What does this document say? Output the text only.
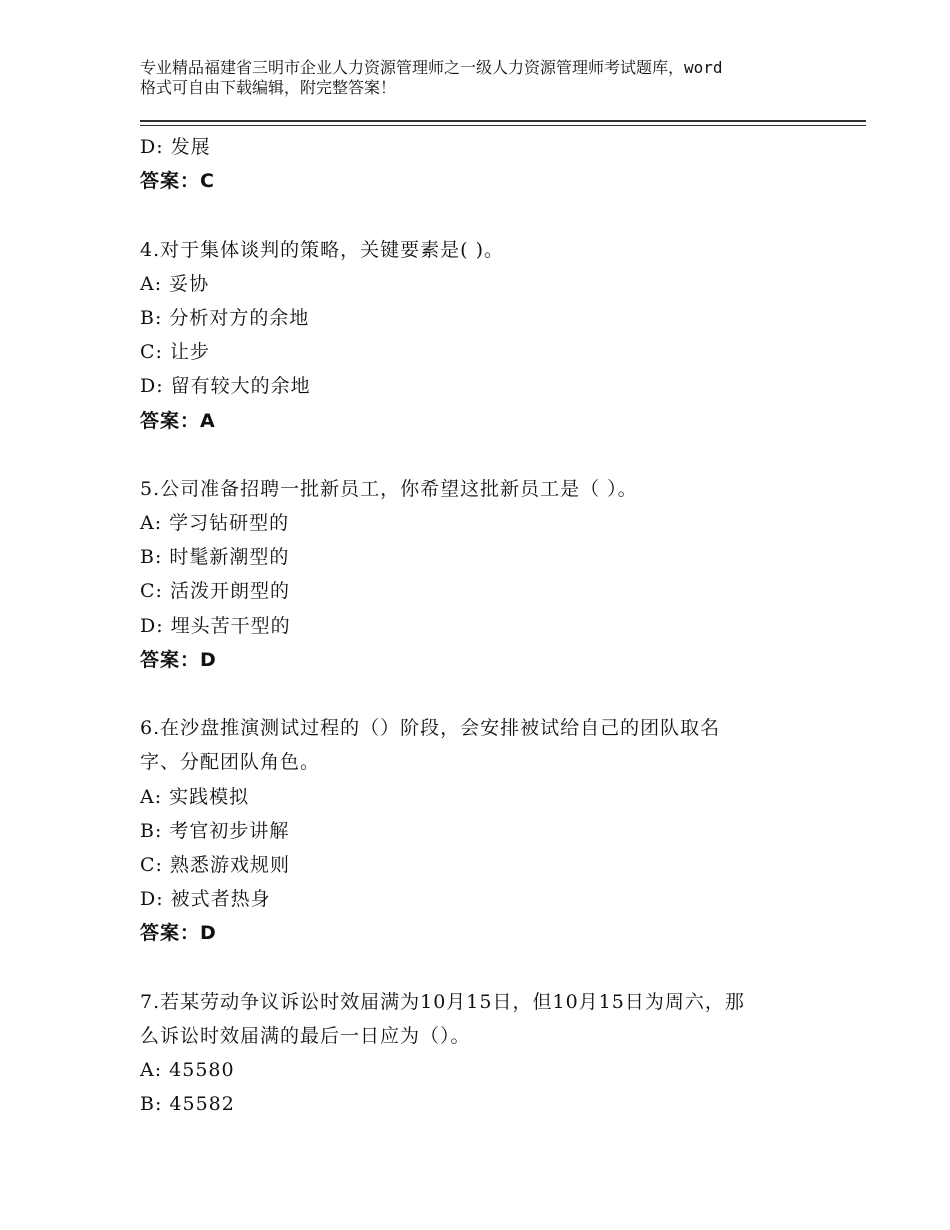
专业精品福建省三明市企业人力资源管理师之一级人力资源管理师考试题库，word
格式可自由下载编辑，附完整答案！
D: 发展
答案：C
4.对于集体谈判的策略，关键要素是( )。
A: 妥协
B: 分析对方的余地
C: 让步
D: 留有较大的余地
答案：A
5.公司准备招聘一批新员工，你希望这批新员工是（ ）。
A: 学习钻研型的
B: 时髦新潮型的
C: 活泼开朗型的
D: 埋头苦干型的
答案：D
6.在沙盘推演测试过程的（）阶段，会安排被试给自己的团队取名
字、分配团队角色。
A: 实践模拟
B: 考官初步讲解
C: 熟悉游戏规则
D: 被式者热身
答案：D
7.若某劳动争议诉讼时效届满为10月15日，但10月15日为周六，那
么诉讼时效届满的最后一日应为（）。
A: 45580
B: 45582
